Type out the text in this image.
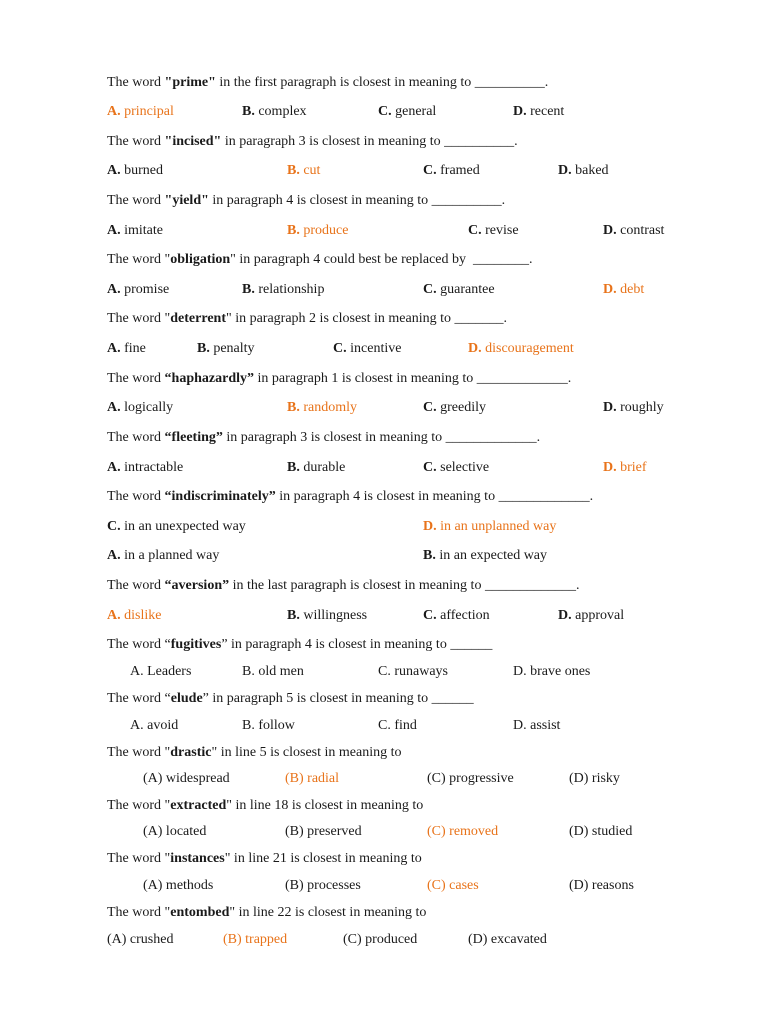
The word "prime" in the first paragraph is closest in meaning to __________.
A. principal	B. complex	C. general	D. recent
The word "incised" in paragraph 3 is closest in meaning to __________.
A. burned	B. cut	C. framed	D. baked
The word "yield" in paragraph 4 is closest in meaning to __________.
A. imitate	B. produce	C. revise	D. contrast
The word "obligation" in paragraph 4 could best be replaced by  ________.
A. promise	B. relationship	C. guarantee	D. debt
The word "deterrent" in paragraph 2 is closest in meaning to _______.
A. fine	B. penalty	C. incentive	D. discouragement
The word “haphazardly” in paragraph 1 is closest in meaning to _____________.
A. logically	B. randomly	C. greedily	D. roughly
The word “fleeting” in paragraph 3 is closest in meaning to _____________.
A. intractable	B. durable	C. selective	D. brief
The word “indiscriminately” in paragraph 4 is closest in meaning to _____________.
C. in an unexpected way	D. in an unplanned way
A. in a planned way	B. in an expected way
The word “aversion” in the last paragraph is closest in meaning to _____________.
A. dislike	B. willingness	C. affection	D. approval
The word “fugitives” in paragraph 4 is closest in meaning to ______
A. Leaders	B. old men	C. runaways	D. brave ones
The word “elude” in paragraph 5 is closest in meaning to ______
A. avoid	B. follow	C. find	D. assist
The word "drastic" in line 5 is closest in meaning to
(A) widespread	(B) radial	(C) progressive	(D) risky
The word "extracted" in line 18 is closest in meaning to
(A) located	(B) preserved	(C) removed	(D) studied
The word "instances" in line 21 is closest in meaning to
(A) methods	(B) processes	(C) cases	(D) reasons
The word "entombed" in line 22 is closest in meaning to
(A) crushed	(B) trapped	(C) produced	(D) excavated
